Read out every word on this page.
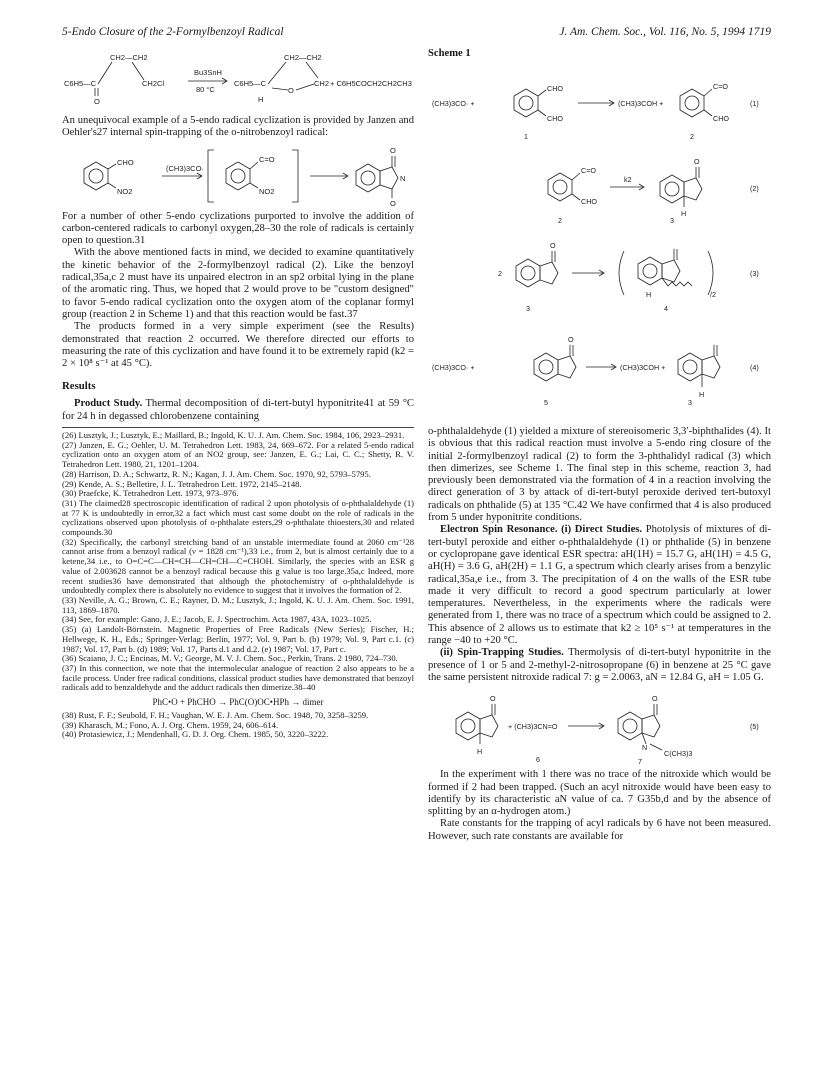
5-Endo Closure of the 2-Formylbenzoyl Radical	J. Am. Chem. Soc., Vol. 116, No. 5, 1994 1719
CH2—CH2
C6H5—C
O
CH2Cl
Bu3SnH
80 °C
C6H5—C
CH2—CH2
H
O
CH2 + C6H5COCH2CH2CH3

An unequivocal example of a 5-endo radical cyclization is provided by Janzen and Oehler's27 internal spin-trapping of the o-nitrobenzoyl radical:

CHO
NO2
(CH3)3CO·
C=O
NO2
O
N
O

For a number of other 5-endo cyclizations purported to involve the addition of carbon-centered radicals to carbonyl oxygen,28–30 the role of radicals is certainly open to question.31

With the above mentioned facts in mind, we decided to examine quantitatively the kinetic behavior of the 2-formylbenzoyl radical (2). Like the benzoyl radical,35a,c 2 must have its unpaired electron in an sp2 orbital lying in the plane of the aromatic ring. Thus, we hoped that 2 would prove to be "custom designed" to favor 5-endo radical cyclization onto the oxygen atom of the coplanar formyl group (reaction 2 in Scheme 1) and that this reaction would be fast.37

The products formed in a very simple experiment (see the Results) demonstrated that reaction 2 occurred. We therefore directed our efforts to measuring the rate of this cyclization and have found it to be extremely rapid (k2 = 2 × 10⁸ s⁻¹ at 45 °C).

Results

Product Study. Thermal decomposition of di-tert-butyl hyponitrite41 at 59 °C for 24 h in degassed chlorobenzene containing

(26) Lusztyk, J.; Lusztyk, E.; Maillard, B.; Ingold, K. U. J. Am. Chem. Soc. 1984, 106, 2923–2931.

(27) Janzen, E. G.; Oehler, U. M. Tetrahedron Lett. 1983, 24, 669–672. For a related 5-endo radical cyclization onto an oxygen atom of an NO2 group, see: Janzen, E. G.; Lai, C. C.; Shetty, R. V. Tetrahedron Lett. 1980, 21, 1201–1204.

(28) Harrison, D. A.; Schwartz, R. N.; Kagan, J. J. Am. Chem. Soc. 1970, 92, 5793–5795.

(29) Kende, A. S.; Belletire, J. L. Tetrahedron Lett. 1972, 2145–2148.

(30) Praefcke, K. Tetrahedron Lett. 1973, 973–976.

(31) The claimed28 spectroscopic identification of radical 2 upon photolysis of o-phthalaldehyde (1) at 77 K is undoubtedly in error,32 a fact which must cast some doubt on the role of radicals in the cyclizations observed upon photolysis of o-phthalate esters,29 o-phthalate thioesters,30 and related compounds.30

(32) Specifically, the carbonyl stretching band of an unstable intermediate found at 2060 cm⁻¹28 cannot arise from a benzoyl radical (ν = 1828 cm⁻¹),33 i.e., from 2, but is almost certainly due to a ketene,34 i.e., to O=C=C—CH=CH—CH=CH—C=CHOH. Similarly, the species with an ESR g value of 2.003628 cannot be a benzoyl radical because this g value is too large.35a,c Indeed, more recent studies36 have demonstrated that although the photochemistry of o-phthalaldehyde is undoubtedly complex there is absolutely no evidence to suggest that it involves the formation of 2.

(33) Neville, A. G.; Brown, C. E.; Rayner, D. M.; Lusztyk, J.; Ingold, K. U. J. Am. Chem. Soc. 1991, 113, 1869–1870.

(34) See, for example: Gano, J. E.; Jacob, E. J. Spectrochim. Acta 1987, 43A, 1023–1025.

(35) (a) Landolt-Börnstein. Magnetic Properties of Free Radicals (New Series); Fischer, H.; Hellwege, K. H., Eds.; Springer-Verlag: Berlin, 1977; Vol. 9, Part b. (b) 1979; Vol. 9, Part c.1. (c) 1987; Vol. 17, Part b. (d) 1989; Vol. 17, Parts d.1 and d.2. (e) 1987; Vol. 17, Part c.

(36) Scaiano, J. C.; Encinas, M. V.; George, M. V. J. Chem. Soc., Perkin, Trans. 2 1980, 724–730.

(37) In this connection, we note that the intermolecular analogue of reaction 2 also appears to be a facile process. Under free radical conditions, classical product studies have demonstrated that benzoyl radicals add to benzaldehyde and the adduct radicals then dimerize.38–40

PhC•O + PhCHO → PhC(O)OC•HPh → dimer

(38) Rust, F. F.; Seubold, F. H.; Vaughan, W. E. J. Am. Chem. Soc. 1948, 70, 3258–3259.

(39) Kharasch, M.; Fono, A. J. Org. Chem. 1959, 24, 606–614.

(40) Protasiewicz, J.; Mendenhall, G. D. J. Org. Chem. 1985, 50, 3220–3222.

Scheme 1
(CH3)3CO· +
CHO
CHO
(CH3)3COH +
C=O
CHO
(1)
1	2
C=O
CHO
k2
O
H
(2)
2	3
2
O
H	/2
(3)
3	4
(CH3)3CO· +
O
(CH3)3COH +
H
(4)
5	3

o-phthalaldehyde (1) yielded a mixture of stereoisomeric 3,3′-biphthalides (4). It is obvious that this radical reaction must involve a 5-endo ring closure of the initial 2-formylbenzoyl radical (2) to form the 3-phthalidyl radical (3) which then dimerizes, see Scheme 1. The final step in this scheme, reaction 3, had previously been demonstrated via the formation of 4 in a reaction involving the direct generation of 3 by attack of di-tert-butyl peroxide derived tert-butoxyl radicals on phthalide (5) at 135 °C.42 We have confirmed that 4 is also produced from 5 under hyponitrite conditions.

Electron Spin Resonance. (i) Direct Studies. Photolysis of mixtures of di-tert-butyl peroxide and either o-phthalaldehyde (1) or phthalide (5) in benzene or cyclopropane gave identical ESR spectra: aH(1H) = 15.7 G, aH(1H) = 4.5 G, aH(H) = 3.6 G, aH(2H) = 1.1 G, a spectrum which clearly arises from a benzylic radical,35a,e i.e., from 3. The precipitation of 4 on the walls of the ESR tube made it very difficult to record a good spectrum particularly at lower temperatures. Nevertheless, in the experiments where the radicals were generated from 1, there was no trace of a spectrum which could be assigned to 2. This absence of 2 allows us to estimate that k2 ≥ 10⁵ s⁻¹ at temperatures in the range −40 to +20 °C.

(ii) Spin-Trapping Studies. Thermolysis of di-tert-butyl hyponitrite in the presence of 1 or 5 and 2-methyl-2-nitrosopropane (6) in benzene at 25 °C gave the same persistent nitroxide radical 7: g = 2.0063, aN = 12.84 G, aH = 1.05 G.

O
H
+ (CH3)3CN=O
O
N
C(CH3)3
(5)
6	7

In the experiment with 1 there was no trace of the nitroxide which would be formed if 2 had been trapped. (Such an acyl nitroxide would have been easy to identify by its characteristic aN value of ca. 7 G35b,d and by the absence of splitting by an α-hydrogen atom.)

Rate constants for the trapping of acyl radicals by 6 have not been measured. However, such rate constants are available for
